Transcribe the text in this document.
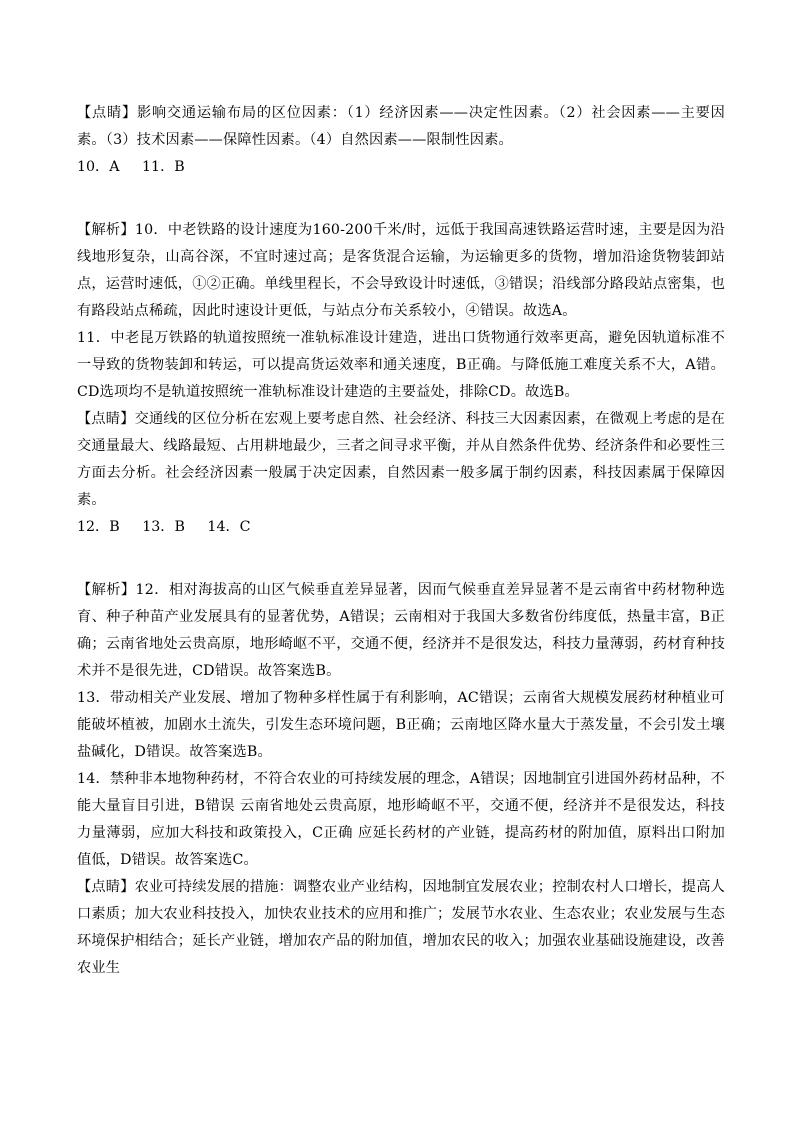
【点睛】影响交通运输布局的区位因素：（1）经济因素——决定性因素。（2）社会因素——主要因素。（3）技术因素——保障性因素。（4）自然因素——限制性因素。

10．A     11．B

【解析】10．中老铁路的设计速度为160-200千米/时，远低于我国高速铁路运营时速，主要是因为沿线地形复杂，山高谷深，不宜时速过高；是客货混合运输，为运输更多的货物，增加沿途货物装卸站点，运营时速低，①②正确。单线里程长，不会导致设计时速低，③错误；沿线部分路段站点密集，也有路段站点稀疏，因此时速设计更低，与站点分布关系较小，④错误。故选A。

11．中老昆万铁路的轨道按照统一准轨标准设计建造，进出口货物通行效率更高，避免因轨道标准不一导致的货物装卸和转运，可以提高货运效率和通关速度，B正确。与降低施工难度关系不大，A错。CD选项均不是轨道按照统一准轨标准设计建造的主要益处，排除CD。故选B。

【点睛】交通线的区位分析在宏观上要考虑自然、社会经济、科技三大因素因素，在微观上考虑的是在交通量最大、线路最短、占用耕地最少，三者之间寻求平衡，并从自然条件优势、经济条件和必要性三方面去分析。社会经济因素一般属于决定因素，自然因素一般多属于制约因素，科技因素属于保障因素。

12．B     13．B     14．C

【解析】12．相对海拔高的山区气候垂直差异显著，因而气候垂直差异显著不是云南省中药材物种选育、种子种苗产业发展具有的显著优势，A错误；云南相对于我国大多数省份纬度低，热量丰富，B正确；云南省地处云贵高原，地形崎岖不平，交通不便，经济并不是很发达，科技力量薄弱，药材育种技术并不是很先进，CD错误。故答案选B。

13．带动相关产业发展、增加了物种多样性属于有利影响，AC错误；云南省大规模发展药材种植业可能破坏植被，加剧水土流失，引发生态环境问题，B正确；云南地区降水量大于蒸发量，不会引发土壤盐碱化，D错误。故答案选B。

14．禁种非本地物种药材，不符合农业的可持续发展的理念，A错误；因地制宜引进国外药材品种，不能大量盲目引进，B错误 云南省地处云贵高原，地形崎岖不平，交通不便，经济并不是很发达，科技力量薄弱，应加大科技和政策投入，C正确 应延长药材的产业链，提高药材的附加值，原料出口附加值低，D错误。故答案选C。

【点睛】农业可持续发展的措施：调整农业产业结构，因地制宜发展农业；控制农村人口增长，提高人口素质；加大农业科技投入，加快农业技术的应用和推广；发展节水农业、生态农业；农业发展与生态环境保护相结合；延长产业链，增加农产品的附加值，增加农民的收入；加强农业基础设施建设，改善农业生
